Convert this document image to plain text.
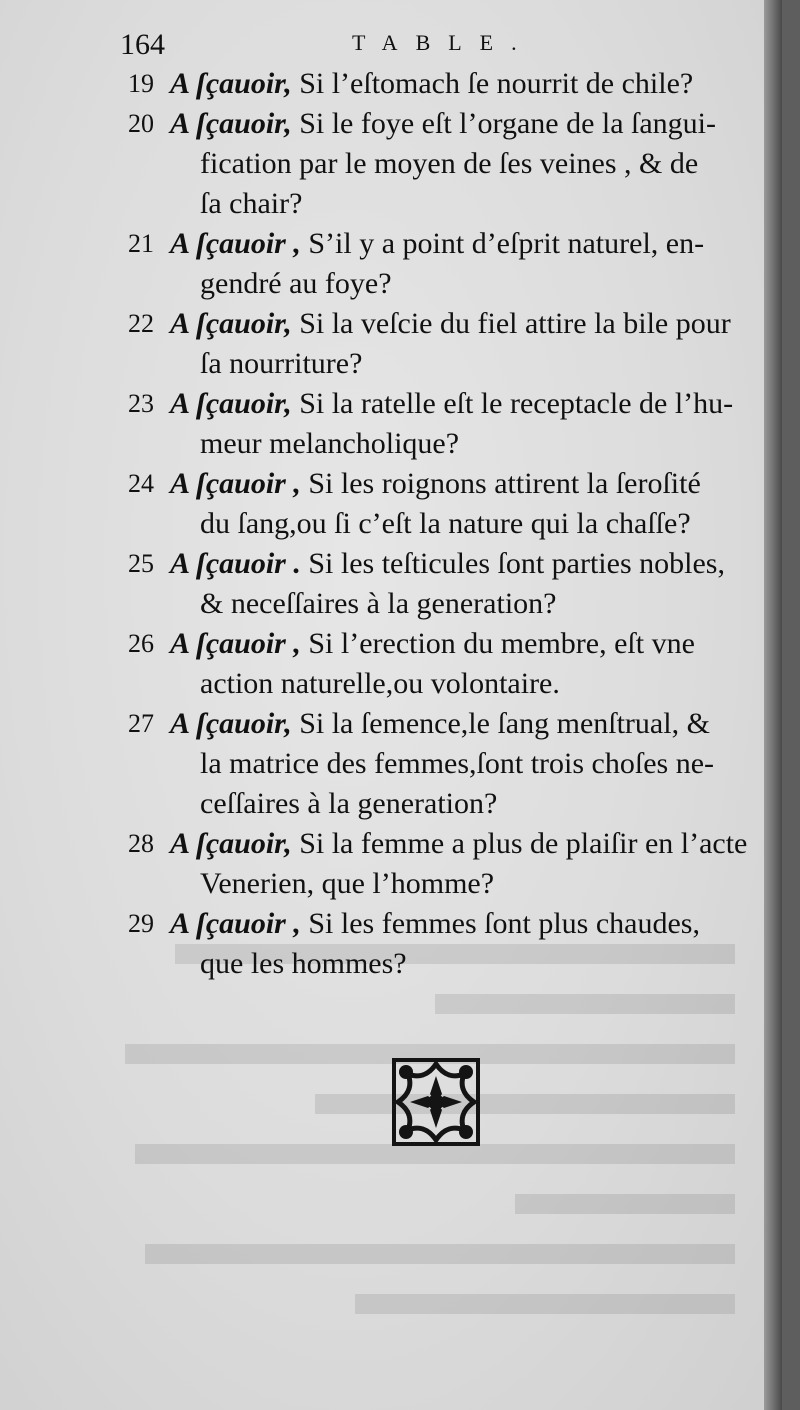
164	TABLE.
19 A ſçauoir, Si l’eſtomach ſe nourrit de chile?
20 A ſçauoir, Si le foye eſt l’organe de la ſangui-
fication par le moyen de ſes veines , & de
ſa chair?
21 A ſçauoir , S’il y a point d’eſprit naturel, en-
gendré au foye?
22 A ſçauoir, Si la veſcie du fiel attire la bile pour
ſa nourriture?
23 A ſçauoir, Si la ratelle eſt le receptacle de l’hu-
meur melancholique?
24 A ſçauoir , Si les roignons attirent la ſeroſité
du ſang,ou ſi c’eſt la nature qui la chaſſe?
25 A ſçauoir . Si les teſticules ſont parties nobles,
& neceſſaires à la generation?
26 A ſçauoir , Si l’erection du membre, eſt vne
action naturelle,ou volontaire.
27 A ſçauoir, Si la ſemence,le ſang menſtrual, &
la matrice des femmes,ſont trois choſes ne-
ceſſaires à la generation?
28 A ſçauoir, Si la femme a plus de plaiſir en l’acte
Venerien, que l’homme?
29 A ſçauoir , Si les femmes ſont plus chaudes,
que les hommes?
